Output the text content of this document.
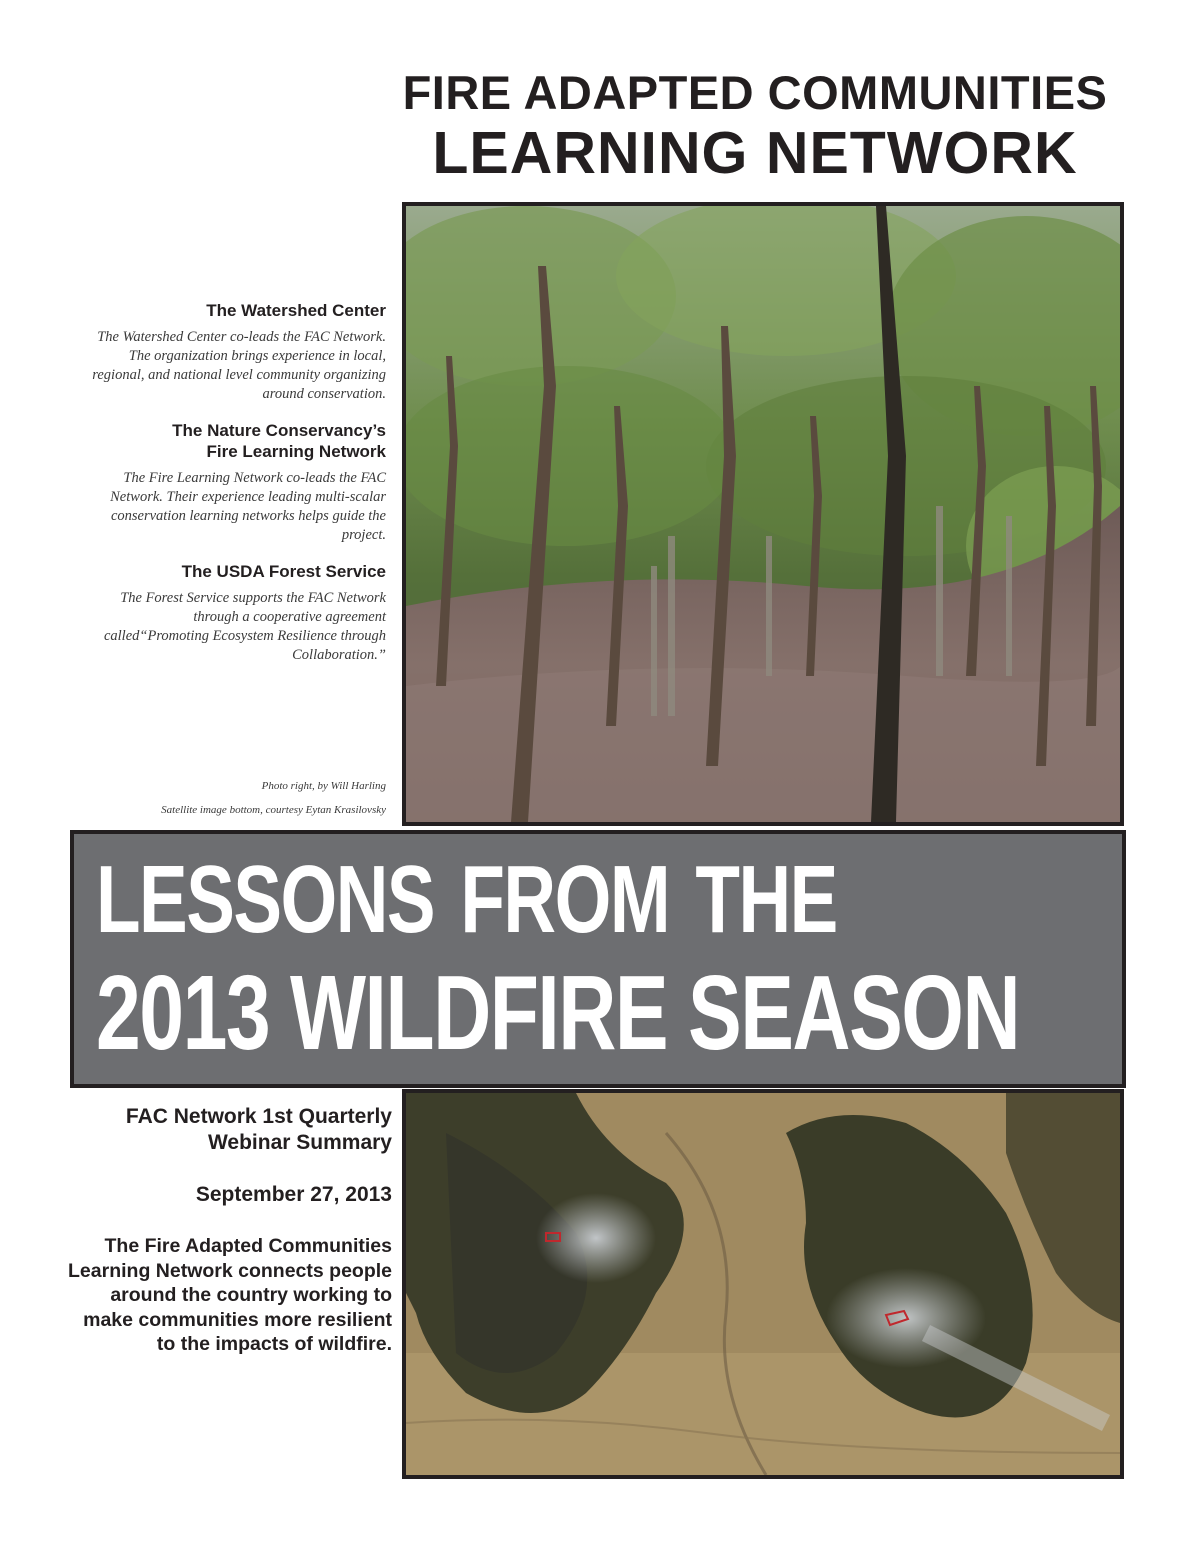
FIRE ADAPTED COMMUNITIES
LEARNING NETWORK
The Watershed Center
The Watershed Center co-leads the FAC Network. The organization brings experience in local, regional, and national level community organizing around conservation.
The Nature Conservancy’s
Fire Learning Network
The Fire Learning Network co-leads the FAC Network. Their experience leading multi-scalar conservation learning networks helps guide the project.
The USDA Forest Service
The Forest Service supports the FAC Network through a cooperative agreement called“Promoting Ecosystem Resilience through Collaboration.”
Photo right, by Will Harling
Satellite image bottom, courtesy Eytan Krasilovsky
LESSONS FROM THE
2013 WILDFIRE SEASON
FAC Network 1st Quarterly
Webinar Summary
September 27, 2013
The Fire Adapted Communities Learning Network connects people around the country working to make communities more resilient to the impacts of wildfire.
